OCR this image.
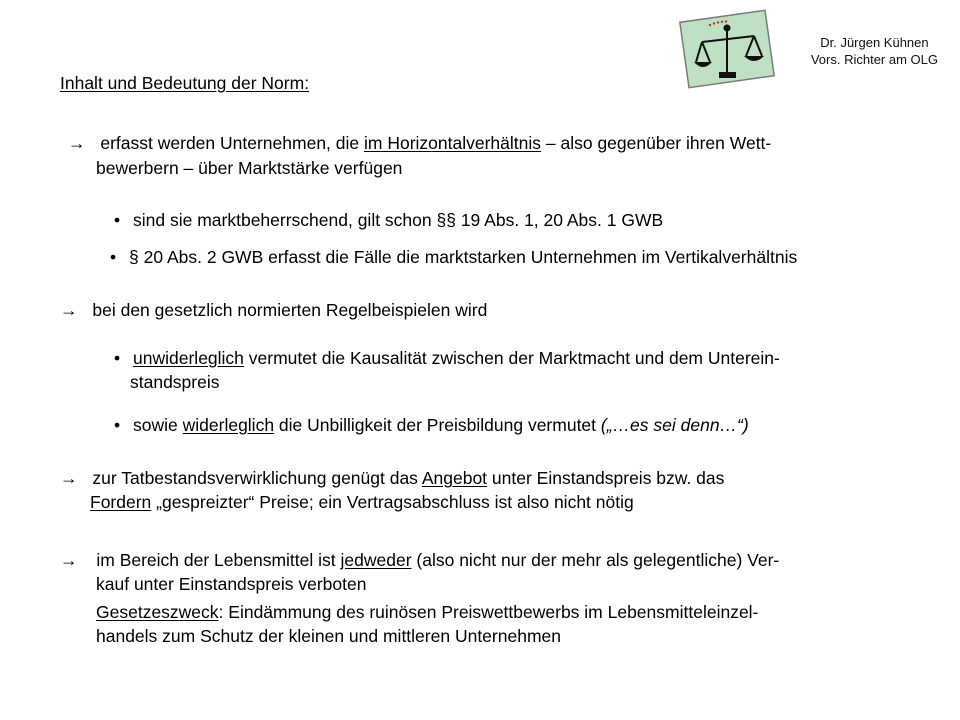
Dr. Jürgen Kühnen
Vors. Richter am OLG
Inhalt und Bedeutung der Norm:
→ erfasst werden Unternehmen, die im Horizontalverhältnis – also gegenüber ihren Wett-
bewerbern – über Marktstärke verfügen
• sind sie marktbeherrschend, gilt schon §§ 19 Abs. 1, 20 Abs. 1 GWB
• § 20 Abs. 2 GWB erfasst die Fälle die marktstarken Unternehmen im Vertikalverhältnis
→ bei den gesetzlich normierten Regelbeispielen wird
• unwiderleglich vermutet die Kausalität zwischen der Marktmacht und dem Unterein-
standspreis
• sowie widerleglich die Unbilligkeit der Preisbildung vermutet („…es sei denn…“)
→ zur Tatbestandsverwirklichung genügt das Angebot unter Einstandspreis bzw. das
Fordern „gespreizter“ Preise; ein Vertragsabschluss ist also nicht nötig
→ im Bereich der Lebensmittel ist jedweder (also nicht nur der mehr als gelegentliche) Ver-
kauf unter Einstandspreis verboten
Gesetzeszweck: Eindämmung des ruinösen Preiswettbewerbs im Lebensmitteleinzel-
handels zum Schutz der kleinen und mittleren Unternehmen
